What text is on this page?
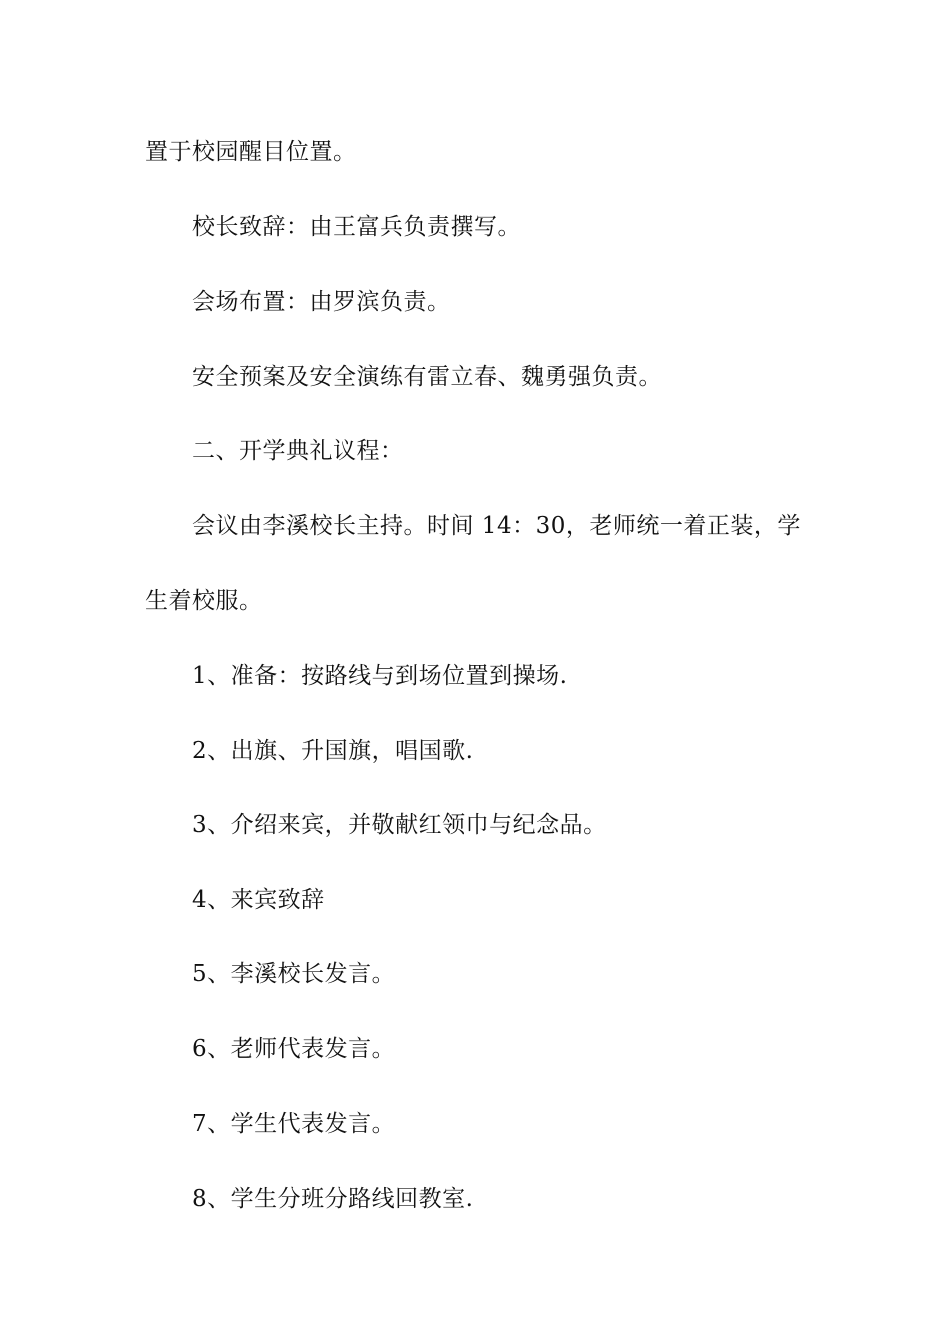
置于校园醒目位置。
校长致辞：由王富兵负责撰写。
会场布置：由罗滨负责。
安全预案及安全演练有雷立春、魏勇强负责。
二、开学典礼议程：
会议由李溪校长主持。时间 14：30，老师统一着正装，学
生着校服。
1、准备：按路线与到场位置到操场.
2、出旗、升国旗，唱国歌.
3、介绍来宾，并敬献红领巾与纪念品。
4、来宾致辞
5、李溪校长发言。
6、老师代表发言。
7、学生代表发言。
8、学生分班分路线回教室.
